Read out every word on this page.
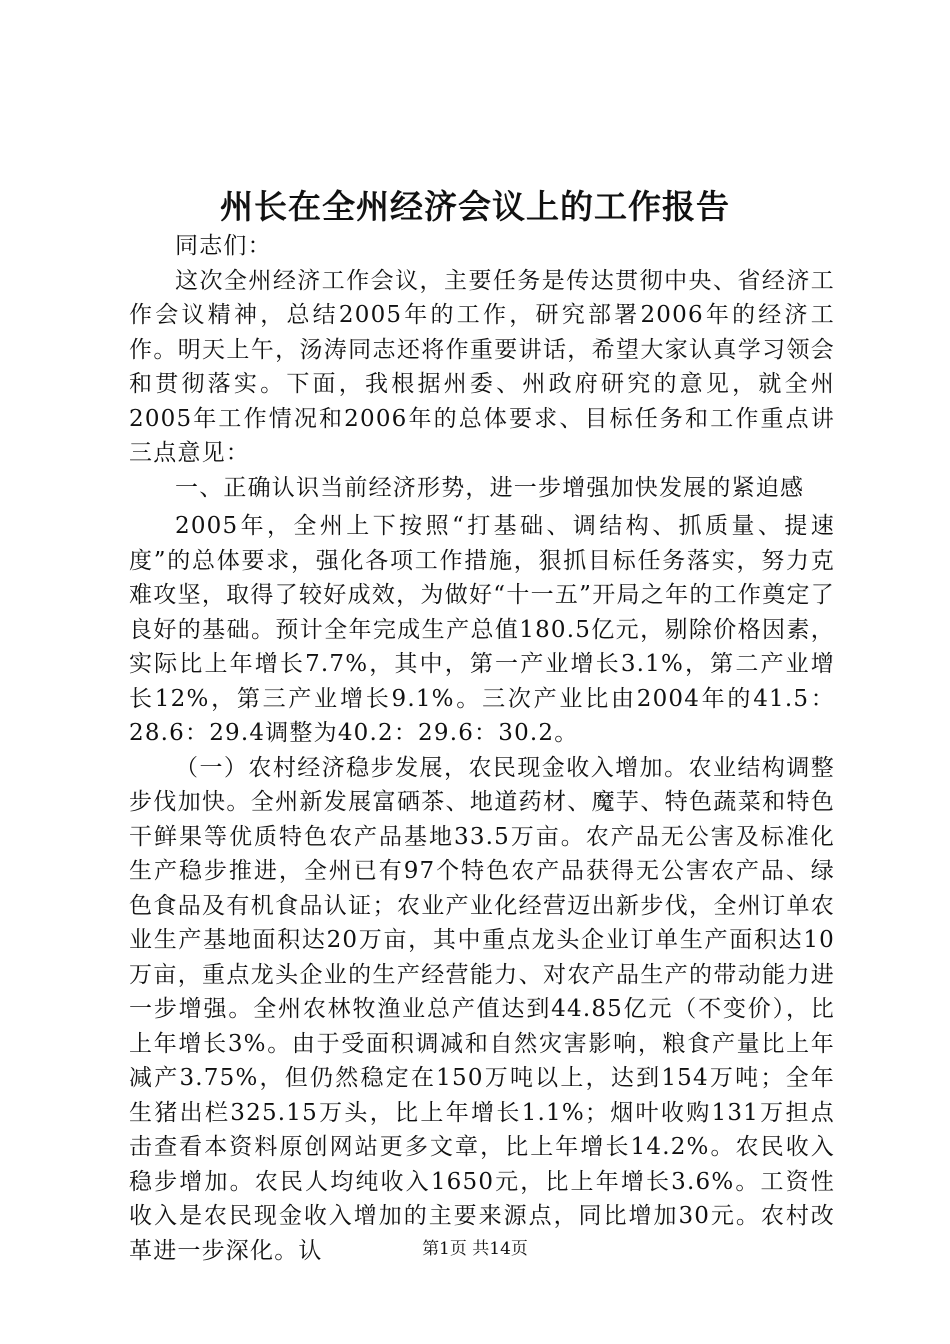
州长在全州经济会议上的工作报告

同志们：

这次全州经济工作会议，主要任务是传达贯彻中央、省经济工作会议精神，总结2005年的工作，研究部署2006年的经济工作。明天上午，汤涛同志还将作重要讲话，希望大家认真学习领会和贯彻落实。下面，我根据州委、州政府研究的意见，就全州2005年工作情况和2006年的总体要求、目标任务和工作重点讲三点意见：

一、正确认识当前经济形势，进一步增强加快发展的紧迫感

2005年，全州上下按照“打基础、调结构、抓质量、提速度”的总体要求，强化各项工作措施，狠抓目标任务落实，努力克难攻坚，取得了较好成效，为做好“十一五”开局之年的工作奠定了良好的基础。预计全年完成生产总值180.5亿元，剔除价格因素，实际比上年增长7.7%，其中，第一产业增长3.1%，第二产业增长12%，第三产业增长9.1%。三次产业比由2004年的41.5：28.6：29.4调整为40.2：29.6：30.2。

（一）农村经济稳步发展，农民现金收入增加。农业结构调整步伐加快。全州新发展富硒茶、地道药材、魔芋、特色蔬菜和特色干鲜果等优质特色农产品基地33.5万亩。农产品无公害及标准化生产稳步推进，全州已有97个特色农产品获得无公害农产品、绿色食品及有机食品认证；农业产业化经营迈出新步伐，全州订单农业生产基地面积达20万亩，其中重点龙头企业订单生产面积达10万亩，重点龙头企业的生产经营能力、对农产品生产的带动能力进一步增强。全州农林牧渔业总产值达到44.85亿元（不变价），比上年增长3%。由于受面积调减和自然灾害影响，粮食产量比上年减产3.75%，但仍然稳定在150万吨以上，达到154万吨；全年生猪出栏325.15万头，比上年增长1.1%；烟叶收购131万担点击查看本资料原创网站更多文章，比上年增长14.2%。农民收入稳步增加。农民人均纯收入1650元，比上年增长3.6%。工资性收入是农民现金收入增加的主要来源点，同比增加30元。农村改革进一步深化。认	第1页 共14页
